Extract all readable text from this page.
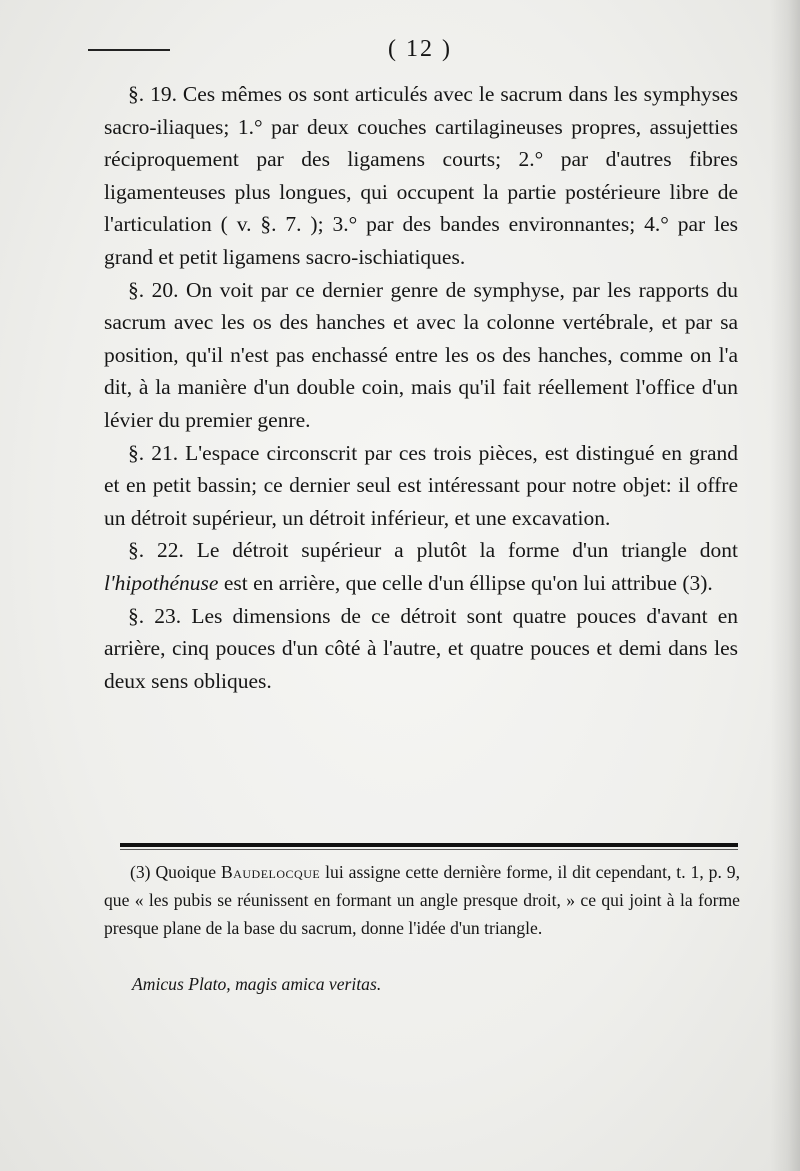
( 12 )

§. 19. Ces mêmes os sont articulés avec le sacrum dans les symphyses sacro-iliaques; 1.° par deux couches cartilagineuses propres, assujetties réciproquement par des ligamens courts; 2.° par d'autres fibres ligamenteuses plus longues, qui occupent la partie postérieure libre de l'articulation ( v. §. 7. ); 3.° par des bandes environnantes; 4.° par les grand et petit ligamens sacro-ischiatiques.

§. 20. On voit par ce dernier genre de symphyse, par les rapports du sacrum avec les os des hanches et avec la colonne vertébrale, et par sa position, qu'il n'est pas enchassé entre les os des hanches, comme on l'a dit, à la manière d'un double coin, mais qu'il fait réellement l'office d'un lévier du premier genre.

§. 21. L'espace circonscrit par ces trois pièces, est distingué en grand et en petit bassin; ce dernier seul est intéressant pour notre objet: il offre un détroit supérieur, un détroit inférieur, et une excavation.

§. 22. Le détroit supérieur a plutôt la forme d'un triangle dont l'hipothénuse est en arrière, que celle d'un éllipse qu'on lui attribue (3).

§. 23. Les dimensions de ce détroit sont quatre pouces d'avant en arrière, cinq pouces d'un côté à l'autre, et quatre pouces et demi dans les deux sens obliques.

(3) Quoique Baudelocque lui assigne cette dernière forme, il dit cependant, t. 1, p. 9, que « les pubis se réunissent en formant un angle presque droit, » ce qui joint à la forme presque plane de la base du sacrum, donne l'idée d'un triangle.

Amicus Plato, magis amica veritas.
